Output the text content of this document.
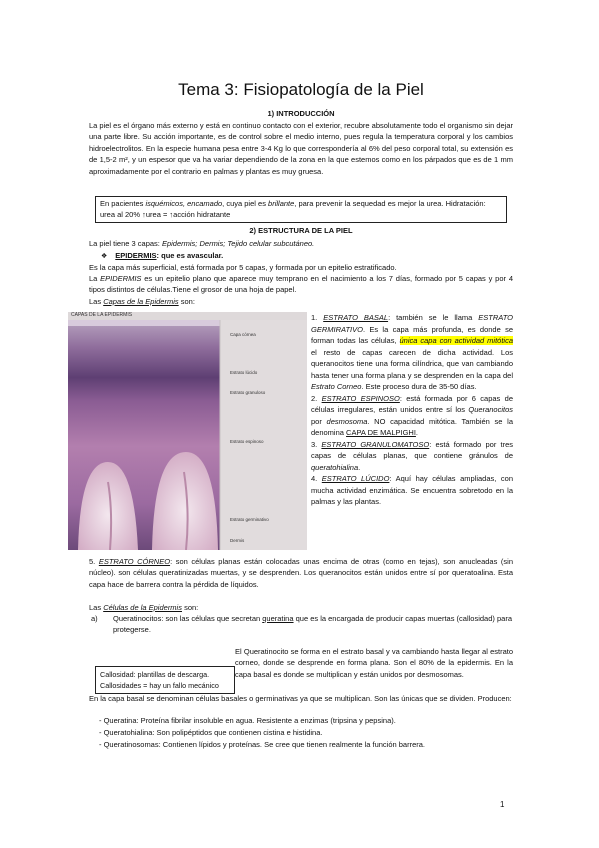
Tema 3: Fisiopatología de la Piel
1) INTRODUCCIÓN
La piel es el órgano más externo y está en continuo contacto con el exterior, recubre absolutamente todo el organismo sin dejar una parte libre. Su acción importante, es de control sobre el medio interno, pues regula la temperatura corporal y los cambios hidroelectrolitos. En la especie humana pesa entre 3-4 Kg lo que correspondería al 6% del peso corporal total, su extensión es de 1,5-2 m², y un espesor que va ha variar dependiendo de la zona en la que estemos como en los párpados que es de 1 mm aproximadamente por el contrario en palmas y plantas es muy gruesa.
En pacientes isquémicos, encamado, cuya piel es brillante, para prevenir la sequedad es mejor la urea. Hidratación: urea al 20% ↑urea = ↑acción hidratante
2) ESTRUCTURA DE LA PIEL
La piel tiene 3 capas: Epidermis; Dermis; Tejido celular subcutáneo.
❖ EPIDERMIS: que es avascular.
Es la capa más superficial, está formada por 5 capas, y formada por un epitelio estratificado.
La EPIDERMIS es un epitelio plano que aparece muy temprano en el nacimiento a los 7 días, formado por 5 capas y por 4 tipos distintos de células.Tiene el grosor de una hoja de papel.
Las Capas de la Epidermis son:
CAPAS DE LA EPIDERMIS
Capa córnea
Estrato lúcido
Estrato granuloso
Estrato espinoso
Estrato germinativo
Dermis

1. ESTRATO BASAL: también se le llama ESTRATO GERMIRATIVO. Es la capa más profunda, es donde se forman todas las células, única capa con actividad mitótica el resto de capas carecen de dicha actividad. Los queranocitos tiene una forma cilíndrica, que van cambiando hasta tener una forma plana y se desprenden en la capa del Estrato Corneo. Este proceso dura de 35-50 días.

2. ESTRATO ESPINOSO: está formada por 6 capas de células irregulares, están unidos entre sí los Queranocitos por desmosoma. NO capacidad mitótica. También se la denomina CAPA DE MALPIGHI.

3. ESTRATO GRANULOMATOSO: está formado por tres capas de células planas, que contiene gránulos de queratohialina.

4. ESTRATO LÚCIDO: Aquí hay células ampliadas, con mucha actividad enzimática. Se encuentra sobretodo en la palmas y las plantas.

5. ESTRATO CÓRNEO: son células planas están colocadas unas encima de otras (como en tejas), son anucleadas (sin núcleo). son células queratinizadas muertas, y se desprenden. Los queranocitos están unidos entre sí por queratoalina. Esta capa hace de barrera contra la pérdida de líquidos.
Las Células de la Epidermis son:
a) Queratinocitos: son las células que secretan queratina que es la encargada de producir capas muertas (callosidad) para protegerse.
Callosidad: plantillas de descarga.
Callosidades = hay un fallo mecánico
El Queratinocito se forma en el estrato basal y va cambiando hasta llegar al estrato corneo, donde se desprende en forma plana. Son el 80% de la epidermis. En la capa basal es donde se multiplican y están unidos por desmosomas.
En la capa basal se denominan células basales o germinativas ya que se multiplican. Son las únicas que se dividen. Producen:
- Queratina: Proteína fibrilar insoluble en agua. Resistente a enzimas (tripsina y pepsina).
- Queratohialina: Son polipéptidos que contienen cistina e histidina.
- Queratinosomas: Contienen lípidos y proteínas. Se cree que tienen realmente la función barrera.
1
